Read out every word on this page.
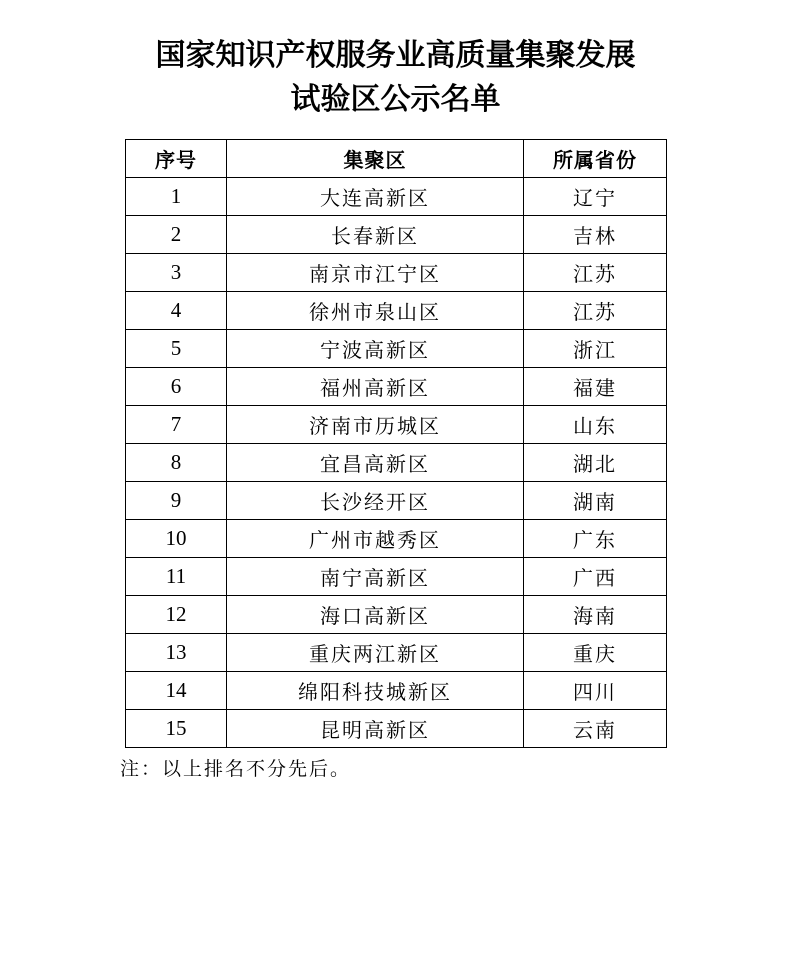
国家知识产权服务业高质量集聚发展
试验区公示名单
序号	集聚区	所属省份
1	大连高新区	辽宁
2	长春新区	吉林
3	南京市江宁区	江苏
4	徐州市泉山区	江苏
5	宁波高新区	浙江
6	福州高新区	福建
7	济南市历城区	山东
8	宜昌高新区	湖北
9	长沙经开区	湖南
10	广州市越秀区	广东
11	南宁高新区	广西
12	海口高新区	海南
13	重庆两江新区	重庆
14	绵阳科技城新区	四川
15	昆明高新区	云南
注：以上排名不分先后。
